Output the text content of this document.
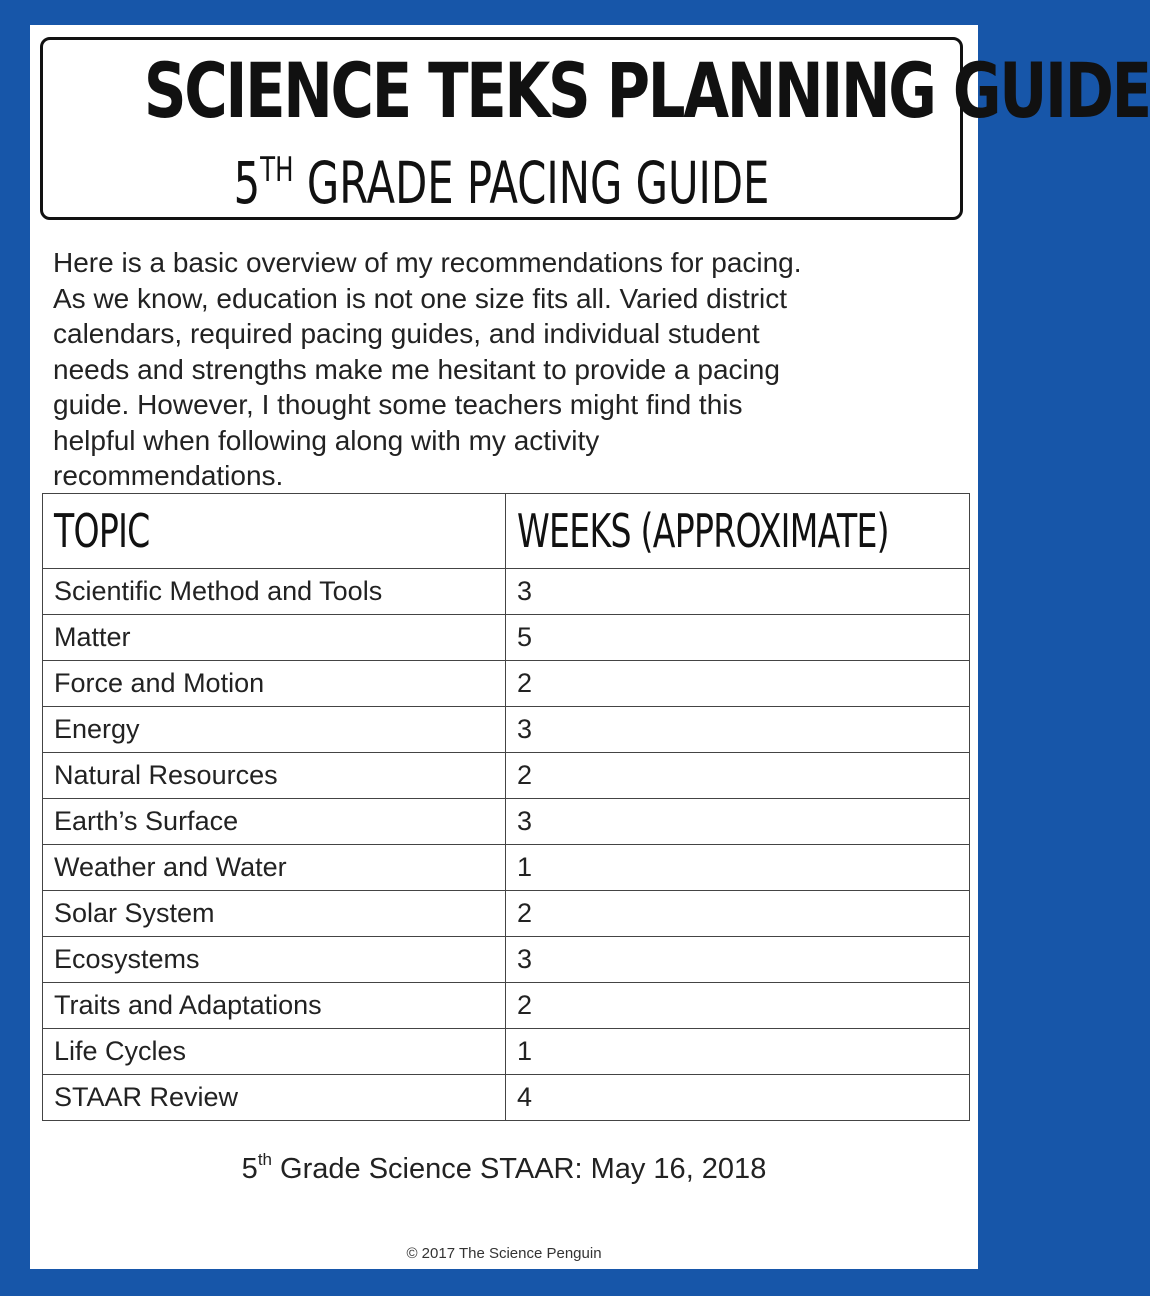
SCIENCE TEKS PLANNING GUIDE
5TH GRADE PACING GUIDE
Here is a basic overview of my recommendations for pacing.
As we know, education is not one size fits all. Varied district
calendars, required pacing guides, and individual student
needs and strengths make me hesitant to provide a pacing
guide. However, I thought some teachers might find this
helpful when following along with my activity
recommendations.
TOPIC	WEEKS (APPROXIMATE)
Scientific Method and Tools	3
Matter	5
Force and Motion	2
Energy	3
Natural Resources	2
Earth’s Surface	3
Weather and Water	1
Solar System	2
Ecosystems	3
Traits and Adaptations	2
Life Cycles	1
STAAR Review	4
5th Grade Science STAAR: May 16, 2018
© 2017 The Science Penguin
